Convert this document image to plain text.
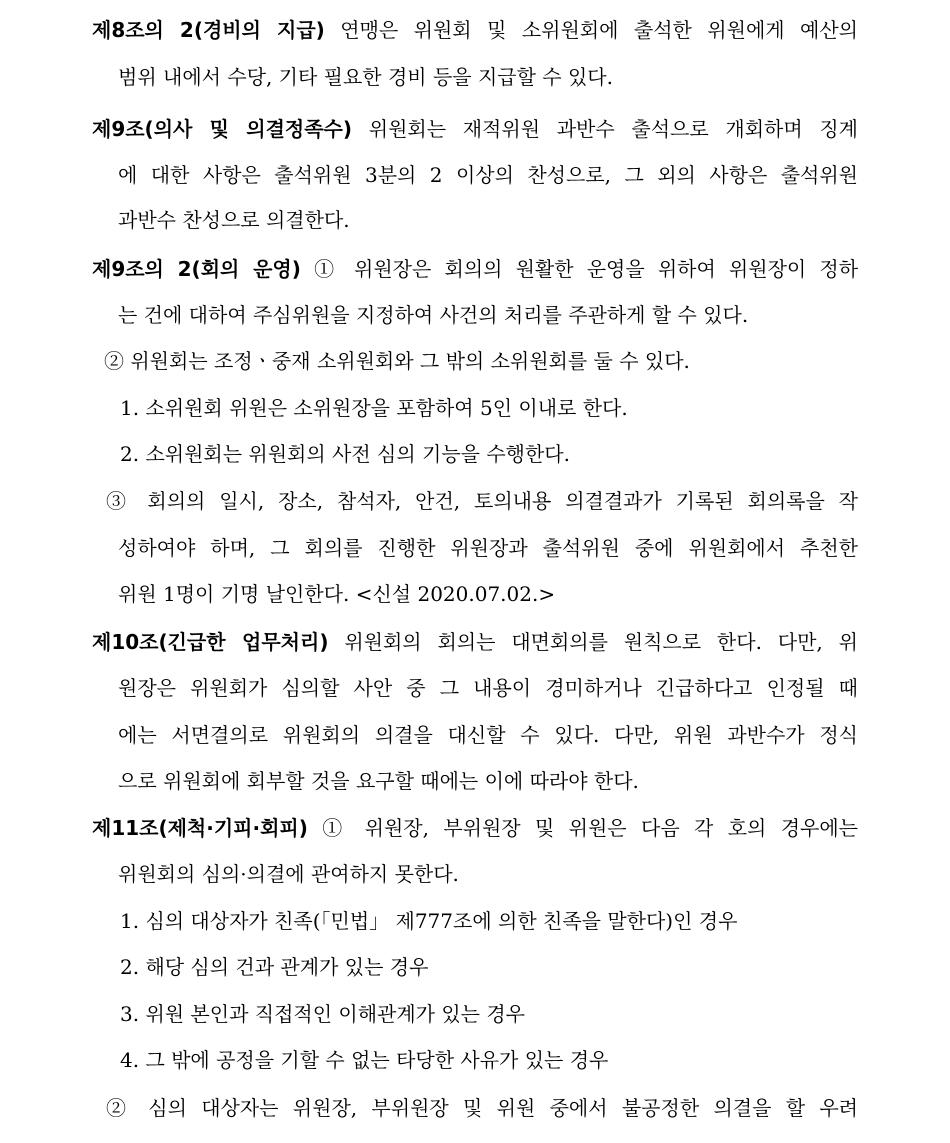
제8조의 2(경비의 지급) 연맹은 위원회 및 소위원회에 출석한 위원에게 예산의
범위 내에서 수당, 기타 필요한 경비 등을 지급할 수 있다.
제9조(의사 및 의결정족수) 위원회는 재적위원 과반수 출석으로 개회하며 징계
에 대한 사항은 출석위원 3분의 2 이상의 찬성으로, 그 외의 사항은 출석위원
과반수 찬성으로 의결한다.
제9조의 2(회의 운영) ① 위원장은 회의의 원활한 운영을 위하여 위원장이 정하
는 건에 대하여 주심위원을 지정하여 사건의 처리를 주관하게 할 수 있다.
② 위원회는 조정ㆍ중재 소위원회와 그 밖의 소위원회를 둘 수 있다.
1. 소위원회 위원은 소위원장을 포함하여 5인 이내로 한다.
2. 소위원회는 위원회의 사전 심의 기능을 수행한다.
③ 회의의 일시, 장소, 참석자, 안건, 토의내용 의결결과가 기록된 회의록을 작
성하여야 하며, 그 회의를 진행한 위원장과 출석위원 중에 위원회에서 추천한
위원 1명이 기명 날인한다. <신설 2020.07.02.>
제10조(긴급한 업무처리) 위원회의 회의는 대면회의를 원칙으로 한다. 다만, 위
원장은 위원회가 심의할 사안 중 그 내용이 경미하거나 긴급하다고 인정될 때
에는 서면결의로 위원회의 의결을 대신할 수 있다. 다만, 위원 과반수가 정식
으로 위원회에 회부할 것을 요구할 때에는 이에 따라야 한다.
제11조(제척·기피·회피) ① 위원장, 부위원장 및 위원은 다음 각 호의 경우에는
위원회의 심의·의결에 관여하지 못한다.
1. 심의 대상자가 친족(「민법」 제777조에 의한 친족을 말한다)인 경우
2. 해당 심의 건과 관계가 있는 경우
3. 위원 본인과 직접적인 이해관계가 있는 경우
4. 그 밖에 공정을 기할 수 없는 타당한 사유가 있는 경우
② 심의 대상자는 위원장, 부위원장 및 위원 중에서 불공정한 의결을 할 우려
